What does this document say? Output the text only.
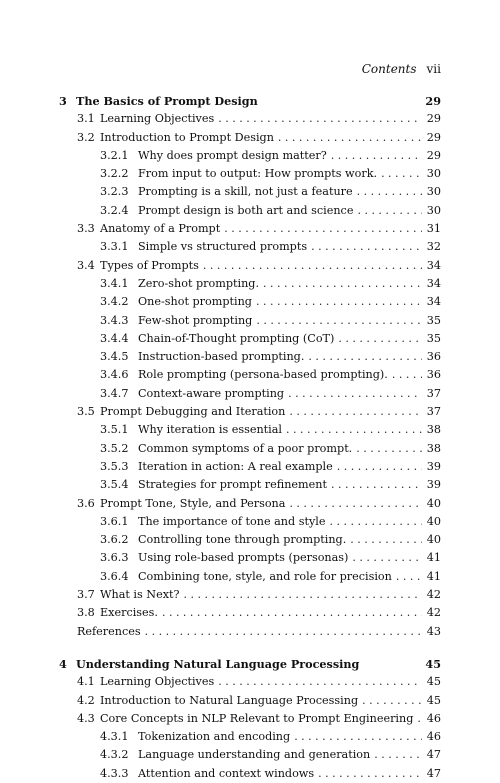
Contents vii
3 The Basics of Prompt Design	29
3.1 Learning Objectives . . .	29
3.2 Introduction to Prompt Design . . .	29
3.2.1 Why does prompt design matter? . . .	29
3.2.2 From input to output: How prompts work. . . .	30
3.2.3 Prompting is a skill, not just a feature . . .	30
3.2.4 Prompt design is both art and science . . .	30
3.3 Anatomy of a Prompt . . .	31
3.3.1 Simple vs structured prompts . . .	32
3.4 Types of Prompts . . .	34
3.4.1 Zero-shot prompting. . . .	34
3.4.2 One-shot prompting . . .	34
3.4.3 Few-shot prompting . . .	35
3.4.4 Chain-of-Thought prompting (CoT) . . .	35
3.4.5 Instruction-based prompting. . . .	36
3.4.6 Role prompting (persona-based prompting). . . .	36
3.4.7 Context-aware prompting . . .	37
3.5 Prompt Debugging and Iteration . . .	37
3.5.1 Why iteration is essential . . .	38
3.5.2 Common symptoms of a poor prompt. . . .	38
3.5.3 Iteration in action: A real example . . .	39
3.5.4 Strategies for prompt refinement . . .	39
3.6 Prompt Tone, Style, and Persona . . .	40
3.6.1 The importance of tone and style . . .	40
3.6.2 Controlling tone through prompting. . . .	40
3.6.3 Using role-based prompts (personas) . . .	41
3.6.4 Combining tone, style, and role for precision . . .	41
3.7 What is Next? . . .	42
3.8 Exercises. . . .	42
References . . .	43
4 Understanding Natural Language Processing	45
4.1 Learning Objectives . . .	45
4.2 Introduction to Natural Language Processing . . .	45
4.3 Core Concepts in NLP Relevant to Prompt Engineering . . . 46
4.3.1 Tokenization and encoding . . .	46
4.3.2 Language understanding and generation . . .	47
4.3.3 Attention and context windows . . .	47
